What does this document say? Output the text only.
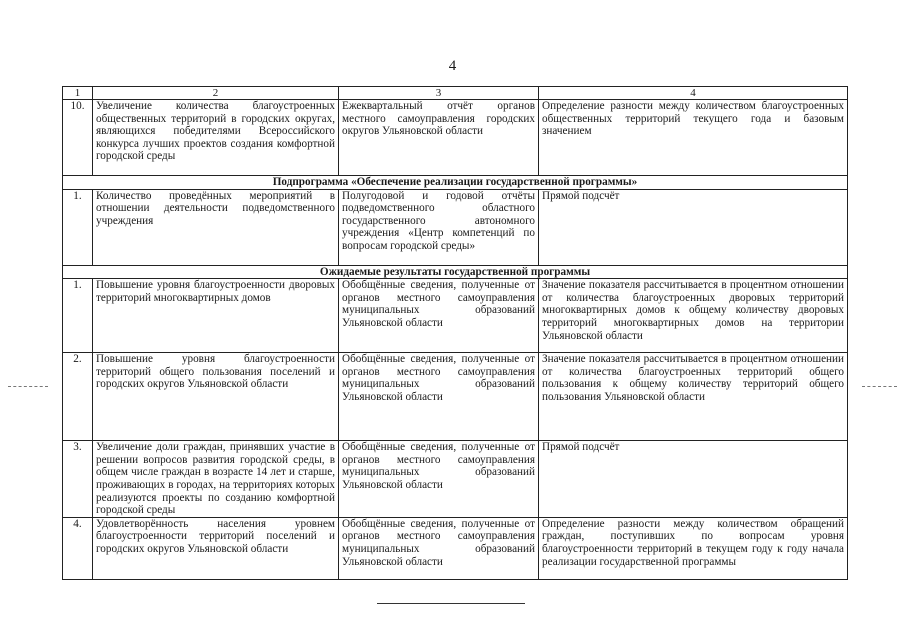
4
1	2	3	4
10.	Увеличение количества благоустроенных общественных территорий в городских округах, являющихся победителями Всероссийского конкурса лучших проектов создания комфортной городской среды	Ежеквартальный отчёт органов местного самоуправления городских округов Ульяновской области	Определение разности между количеством благоустроенных общественных территорий текущего года и базовым значением
Подпрограмма «Обеспечение реализации государственной программы»			
1.	Количество проведённых мероприятий в отношении деятельности подведомственного учреждения	Полугодовой и годовой отчёты подведомственного областного государственного автономного учреждения «Центр компетенций по вопросам городской среды»	Прямой подсчёт
Ожидаемые результаты государственной программы			
1.	Повышение уровня благоустроенности дворовых территорий многоквартирных домов	Обобщённые сведения, полученные от органов местного самоуправления муниципальных образований Ульяновской области	Значение показателя рассчитывается в процентном отношении от количества благоустроенных дворовых территорий многоквартирных домов к общему количеству дворовых территорий многоквартирных домов на территории Ульяновской области
2.	Повышение уровня благоустроенности территорий общего пользования поселений и городских округов Ульяновской области	Обобщённые сведения, полученные от органов местного самоуправления муниципальных образований Ульяновской области	Значение показателя рассчитывается в процентном отношении от количества благоустроенных территорий общего пользования к общему количеству территорий общего пользования Ульяновской области
3.	Увеличение доли граждан, принявших участие в решении вопросов развития городской среды, в общем числе граждан в возрасте 14 лет и старше, проживающих в городах, на территориях которых реализуются проекты по созданию комфортной городской среды	Обобщённые сведения, полученные от органов местного самоуправления муниципальных образований Ульяновской области	Прямой подсчёт
4.	Удовлетворённость населения уровнем благоустроенности территорий поселений и городских округов Ульяновской области	Обобщённые сведения, полученные от органов местного самоуправления муниципальных образований Ульяновской области	Определение разности между количеством обращений граждан, поступивших по вопросам уровня благоустроенности территорий в текущем году к году начала реализации государственной программы
